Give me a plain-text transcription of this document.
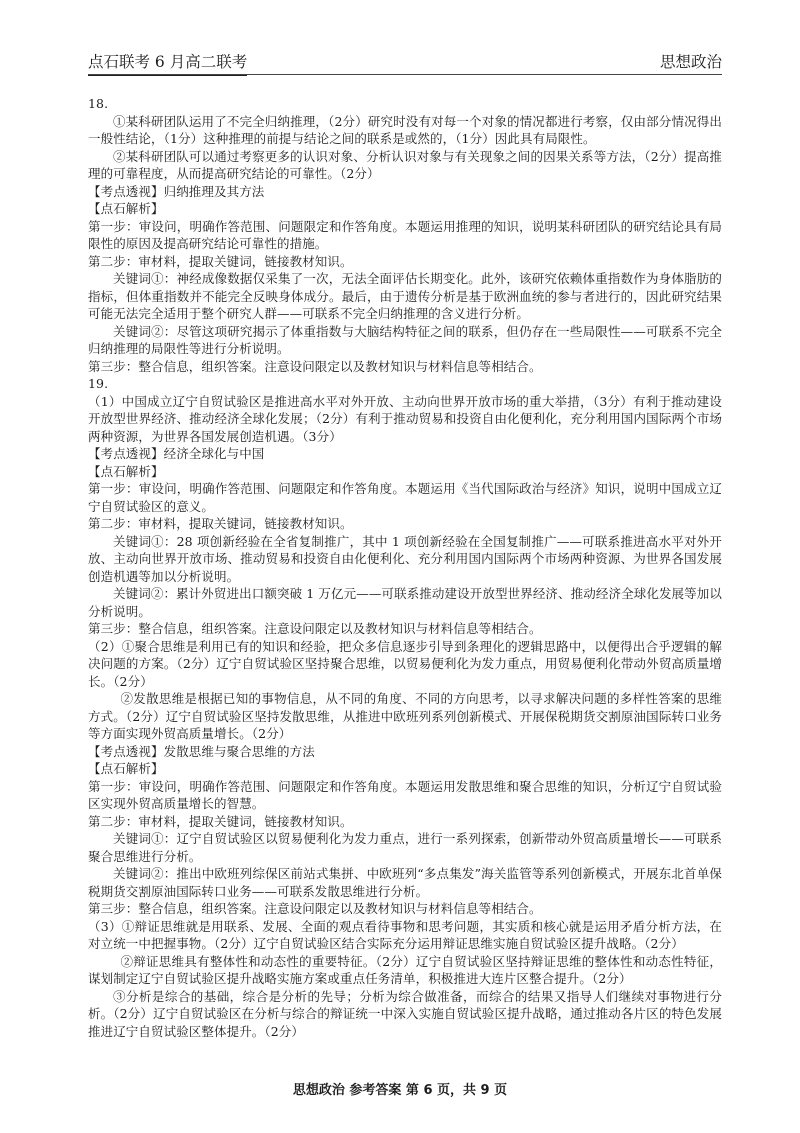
点石联考 6 月高二联考	思想政治

18.

①某科研团队运用了不完全归纳推理，（2分）研究时没有对每一个对象的情况都进行考察，仅由部分情况得出一般性结论，（1分）这种推理的前提与结论之间的联系是或然的，（1分）因此具有局限性。

②某科研团队可以通过考察更多的认识对象、分析认识对象与有关现象之间的因果关系等方法，（2分）提高推理的可靠程度，从而提高研究结论的可靠性。（2分）

【考点透视】归纳推理及其方法

【点石解析】

第一步：审设问，明确作答范围、问题限定和作答角度。本题运用推理的知识，说明某科研团队的研究结论具有局限性的原因及提高研究结论可靠性的措施。

第二步：审材料，提取关键词，链接教材知识。

关键词①：神经成像数据仅采集了一次，无法全面评估长期变化。此外，该研究依赖体重指数作为身体脂肪的指标，但体重指数并不能完全反映身体成分。最后，由于遗传分析是基于欧洲血统的参与者进行的，因此研究结果可能无法完全适用于整个研究人群——可联系不完全归纳推理的含义进行分析。

关键词②：尽管这项研究揭示了体重指数与大脑结构特征之间的联系，但仍存在一些局限性——可联系不完全归纳推理的局限性等进行分析说明。

第三步：整合信息，组织答案。注意设问限定以及教材知识与材料信息等相结合。

19.

（1）中国成立辽宁自贸试验区是推进高水平对外开放、主动向世界开放市场的重大举措，（3分）有利于推动建设开放型世界经济、推动经济全球化发展；（2分）有利于推动贸易和投资自由化便利化，充分利用国内国际两个市场两种资源，为世界各国发展创造机遇。（3分）

【考点透视】经济全球化与中国

【点石解析】

第一步：审设问，明确作答范围、问题限定和作答角度。本题运用《当代国际政治与经济》知识，说明中国成立辽宁自贸试验区的意义。

第二步：审材料，提取关键词，链接教材知识。

关键词①：28 项创新经验在全省复制推广，其中 1 项创新经验在全国复制推广——可联系推进高水平对外开放、主动向世界开放市场、推动贸易和投资自由化便利化、充分利用国内国际两个市场两种资源、为世界各国发展创造机遇等加以分析说明。

关键词②：累计外贸进出口额突破 1 万亿元——可联系推动建设开放型世界经济、推动经济全球化发展等加以分析说明。

第三步：整合信息，组织答案。注意设问限定以及教材知识与材料信息等相结合。

（2）①聚合思维是利用已有的知识和经验，把众多信息逐步引导到条理化的逻辑思路中，以便得出合乎逻辑的解决问题的方案。（2分）辽宁自贸试验区坚持聚合思维，以贸易便利化为发力重点，用贸易便利化带动外贸高质量增长。（2分）

②发散思维是根据已知的事物信息，从不同的角度、不同的方向思考，以寻求解决问题的多样性答案的思维方式。（2分）辽宁自贸试验区坚持发散思维，从推进中欧班列系列创新模式、开展保税期货交割原油国际转口业务等方面实现外贸高质量增长。（2分）

【考点透视】发散思维与聚合思维的方法

【点石解析】

第一步：审设问，明确作答范围、问题限定和作答角度。本题运用发散思维和聚合思维的知识，分析辽宁自贸试验区实现外贸高质量增长的智慧。

第二步：审材料，提取关键词，链接教材知识。

关键词①：辽宁自贸试验区以贸易便利化为发力重点，进行一系列探索，创新带动外贸高质量增长——可联系聚合思维进行分析。

关键词②：推出中欧班列综保区前站式集拼、中欧班列“多点集发”海关监管等系列创新模式，开展东北首单保税期货交割原油国际转口业务——可联系发散思维进行分析。

第三步：整合信息，组织答案。注意设问限定以及教材知识与材料信息等相结合。

（3）①辩证思维就是用联系、发展、全面的观点看待事物和思考问题，其实质和核心就是运用矛盾分析方法，在对立统一中把握事物。（2分）辽宁自贸试验区结合实际充分运用辩证思维实施自贸试验区提升战略。（2分）

②辩证思维具有整体性和动态性的重要特征。（2分）辽宁自贸试验区坚持辩证思维的整体性和动态性特征，谋划制定辽宁自贸试验区提升战略实施方案或重点任务清单，积极推进大连片区整合提升。（2分）

③分析是综合的基础，综合是分析的先导；分析为综合做准备，而综合的结果又指导人们继续对事物进行分析。（2分）辽宁自贸试验区在分析与综合的辩证统一中深入实施自贸试验区提升战略，通过推动各片区的特色发展推进辽宁自贸试验区整体提升。（2分）

思想政治 参考答案 第 6 页，共 9 页
